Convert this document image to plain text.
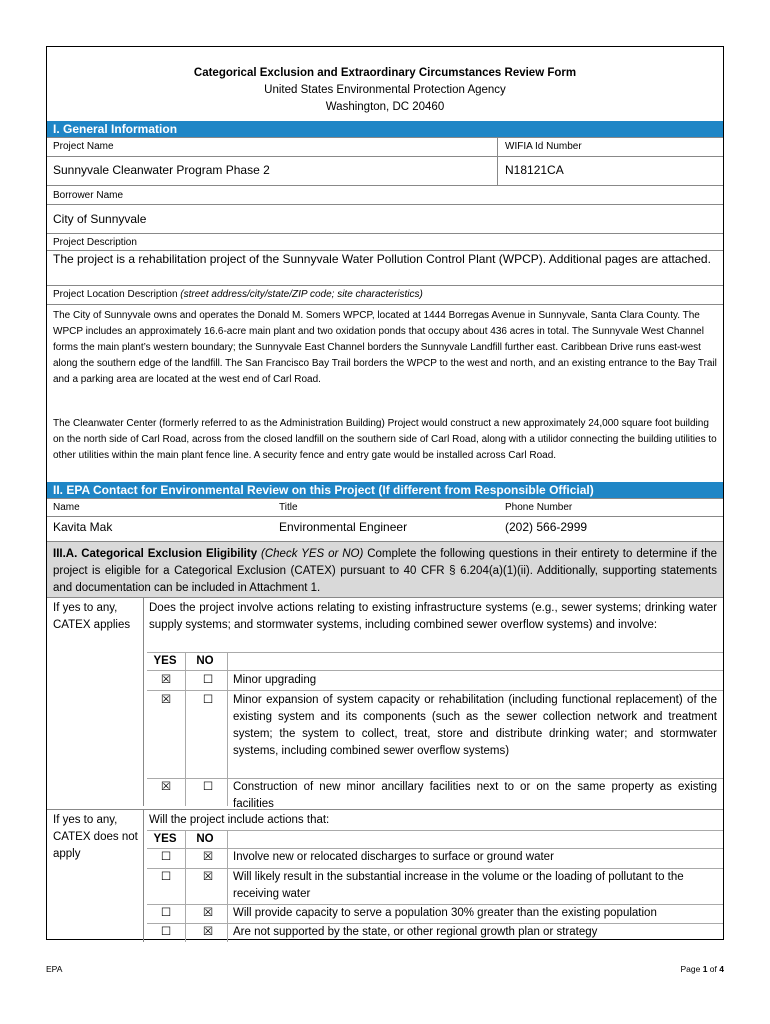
Categorical Exclusion and Extraordinary Circumstances Review Form
United States Environmental Protection Agency
Washington, DC 20460
I. General Information
Project Name	WIFIA Id Number
Sunnyvale Cleanwater Program Phase 2	N18121CA
Borrower Name
City of Sunnyvale
Project Description
The project is a rehabilitation project of the Sunnyvale Water Pollution Control Plant (WPCP). Additional pages are attached.
Project Location Description (street address/city/state/ZIP code; site characteristics)
The City of Sunnyvale owns and operates the Donald M. Somers WPCP, located at 1444 Borregas Avenue in Sunnyvale, Santa Clara County. The WPCP includes an approximately 16.6-acre main plant and two oxidation ponds that occupy about 436 acres in total. The Sunnyvale West Channel forms the main plant’s western boundary; the Sunnyvale East Channel borders the Sunnyvale Landfill further east. Caribbean Drive runs east-west along the southern edge of the landfill. The San Francisco Bay Trail borders the WPCP to the west and north, and an existing entrance to the Bay Trail and a parking area are located at the west end of Carl Road.
The Cleanwater Center (formerly referred to as the Administration Building) Project would construct a new approximately 24,000 square foot building on the north side of Carl Road, across from the closed landfill on the southern side of Carl Road, along with a utilidor connecting the building utilities to other utilities within the main plant fence line. A security fence and entry gate would be installed across Carl Road.
II. EPA Contact for Environmental Review on this Project (If different from Responsible Official)
Name	Title	Phone Number
Kavita Mak	Environmental Engineer	(202) 566-2999
III.A. Categorical Exclusion Eligibility (Check YES or NO) Complete the following questions in their entirety to determine if the project is eligible for a Categorical Exclusion (CATEX) pursuant to 40 CFR § 6.204(a)(1)(ii). Additionally, supporting statements and documentation can be included in Attachment 1.
If yes to any, CATEX applies
Does the project involve actions relating to existing infrastructure systems (e.g., sewer systems; drinking water supply systems; and stormwater systems, including combined sewer overflow systems) and involve:
YES	NO
☒	☐	Minor upgrading
☒	☐	Minor expansion of system capacity or rehabilitation (including functional replacement) of the existing system and its components (such as the sewer collection network and treatment system; the system to collect, treat, store and distribute drinking water; and stormwater systems, including combined sewer overflow systems)
☒	☐	Construction of new minor ancillary facilities next to or on the same property as existing facilities
If yes to any, CATEX does not apply
Will the project include actions that:
YES	NO
☐	☒	Involve new or relocated discharges to surface or ground water
☐	☒	Will likely result in the substantial increase in the volume or the loading of pollutant to the receiving water
☐	☒	Will provide capacity to serve a population 30% greater than the existing population
☐	☒	Are not supported by the state, or other regional growth plan or strategy
EPA	Page 1 of 4
